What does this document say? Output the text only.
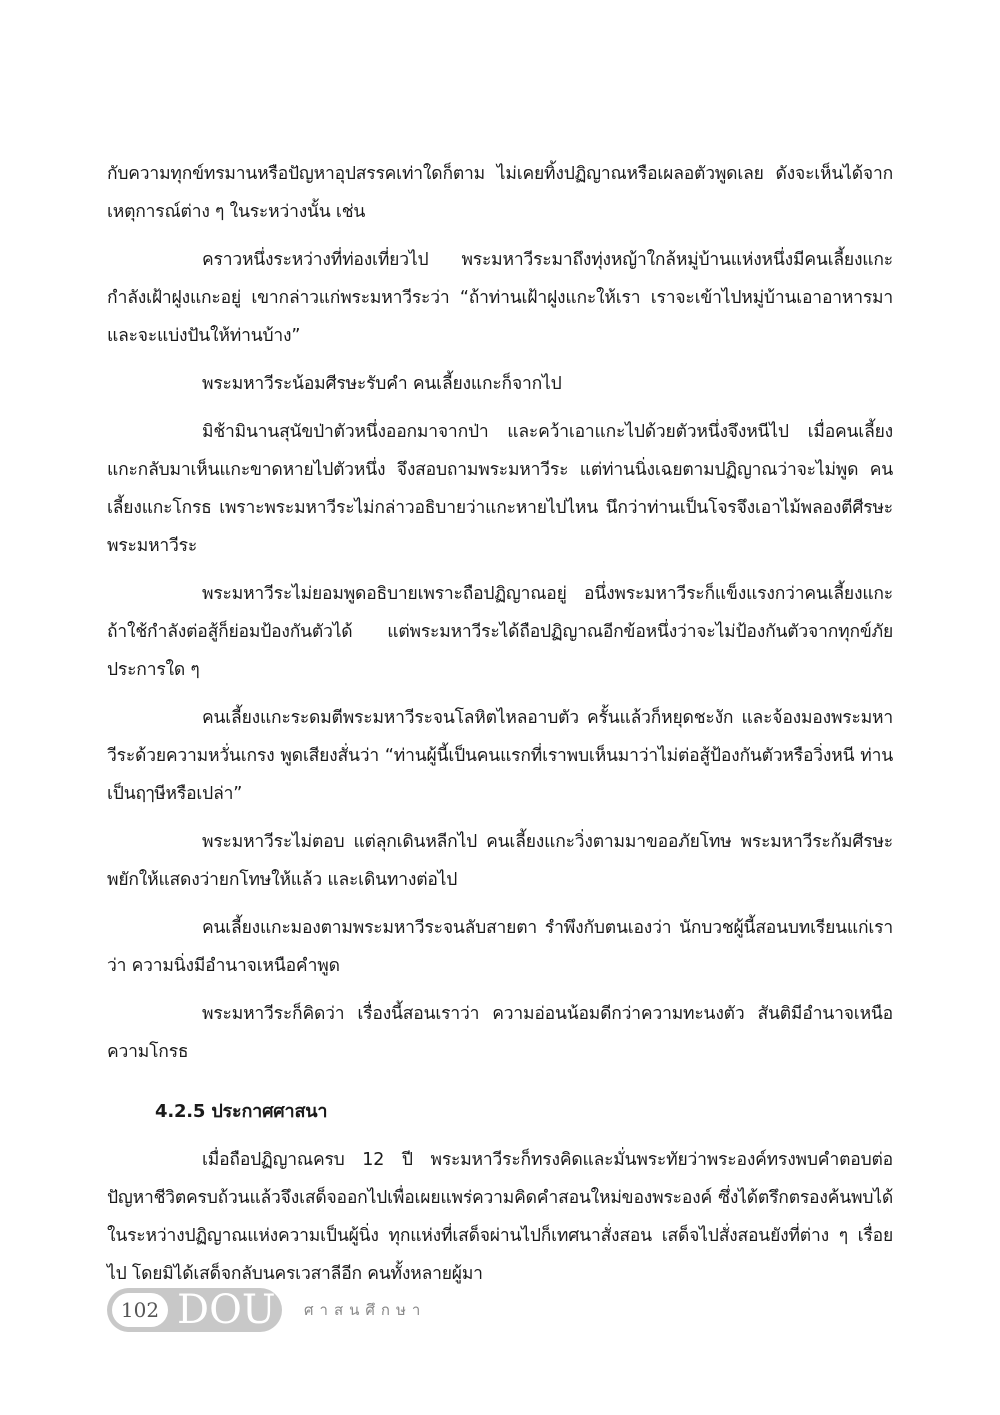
กับความทุกข์ทรมานหรือปัญหาอุปสรรคเท่าใดก็ตาม ไม่เคยทิ้งปฏิญาณหรือเผลอตัวพูดเลย ดังจะเห็นได้จากเหตุการณ์ต่าง ๆ ในระหว่างนั้น เช่น

คราวหนึ่งระหว่างที่ท่องเที่ยวไป พระมหาวีระมาถึงทุ่งหญ้าใกล้หมู่บ้านแห่งหนึ่งมีคนเลี้ยงแกะกำลังเฝ้าฝูงแกะอยู่ เขากล่าวแก่พระมหาวีระว่า “ถ้าท่านเฝ้าฝูงแกะให้เรา เราจะเข้าไปหมู่บ้านเอาอาหารมา และจะแบ่งปันให้ท่านบ้าง”

พระมหาวีระน้อมศีรษะรับคำ คนเลี้ยงแกะก็จากไป

มิช้ามินานสุนัขป่าตัวหนึ่งออกมาจากป่า และคว้าเอาแกะไปด้วยตัวหนึ่งจึงหนีไป เมื่อคนเลี้ยงแกะกลับมาเห็นแกะขาดหายไปตัวหนึ่ง จึงสอบถามพระมหาวีระ แต่ท่านนิ่งเฉยตามปฏิญาณว่าจะไม่พูด คนเลี้ยงแกะโกรธ เพราะพระมหาวีระไม่กล่าวอธิบายว่าแกะหายไปไหน นึกว่าท่านเป็นโจรจึงเอาไม้พลองตีศีรษะพระมหาวีระ

พระมหาวีระไม่ยอมพูดอธิบายเพราะถือปฏิญาณอยู่ อนึ่งพระมหาวีระก็แข็งแรงกว่าคนเลี้ยงแกะ ถ้าใช้กำลังต่อสู้ก็ย่อมป้องกันตัวได้ แต่พระมหาวีระได้ถือปฏิญาณอีกข้อหนึ่งว่าจะไม่ป้องกันตัวจากทุกข์ภัยประการใด ๆ

คนเลี้ยงแกะระดมตีพระมหาวีระจนโลหิตไหลอาบตัว ครั้นแล้วก็หยุดชะงัก และจ้องมองพระมหาวีระด้วยความหวั่นเกรง พูดเสียงสั่นว่า “ท่านผู้นี้เป็นคนแรกที่เราพบเห็นมาว่าไม่ต่อสู้ป้องกันตัวหรือวิ่งหนี ท่านเป็นฤๅษีหรือเปล่า”

พระมหาวีระไม่ตอบ แต่ลุกเดินหลีกไป คนเลี้ยงแกะวิ่งตามมาขออภัยโทษ พระมหาวีระก้มศีรษะพยักให้แสดงว่ายกโทษให้แล้ว และเดินทางต่อไป

คนเลี้ยงแกะมองตามพระมหาวีระจนลับสายตา รำพึงกับตนเองว่า นักบวชผู้นี้สอนบทเรียนแก่เราว่า ความนิ่งมีอำนาจเหนือคำพูด

พระมหาวีระก็คิดว่า เรื่องนี้สอนเราว่า ความอ่อนน้อมดีกว่าความทะนงตัว สันติมีอำนาจเหนือความโกรธ

4.2.5 ประกาศศาสนา

เมื่อถือปฏิญาณครบ 12 ปี พระมหาวีระก็ทรงคิดและมั่นพระทัยว่าพระองค์ทรงพบคำตอบต่อปัญหาชีวิตครบถ้วนแล้วจึงเสด็จออกไปเพื่อเผยแพร่ความคิดคำสอนใหม่ของพระองค์ ซึ่งได้ตรึกตรองค้นพบได้ในระหว่างปฏิญาณแห่งความเป็นผู้นิ่ง ทุกแห่งที่เสด็จผ่านไปก็เทศนาสั่งสอน เสด็จไปสั่งสอนยังที่ต่าง ๆ เรื่อยไป โดยมิได้เสด็จกลับนครเวสาลีอีก คนทั้งหลายผู้มา

102 DOU ศาสนศึกษา
